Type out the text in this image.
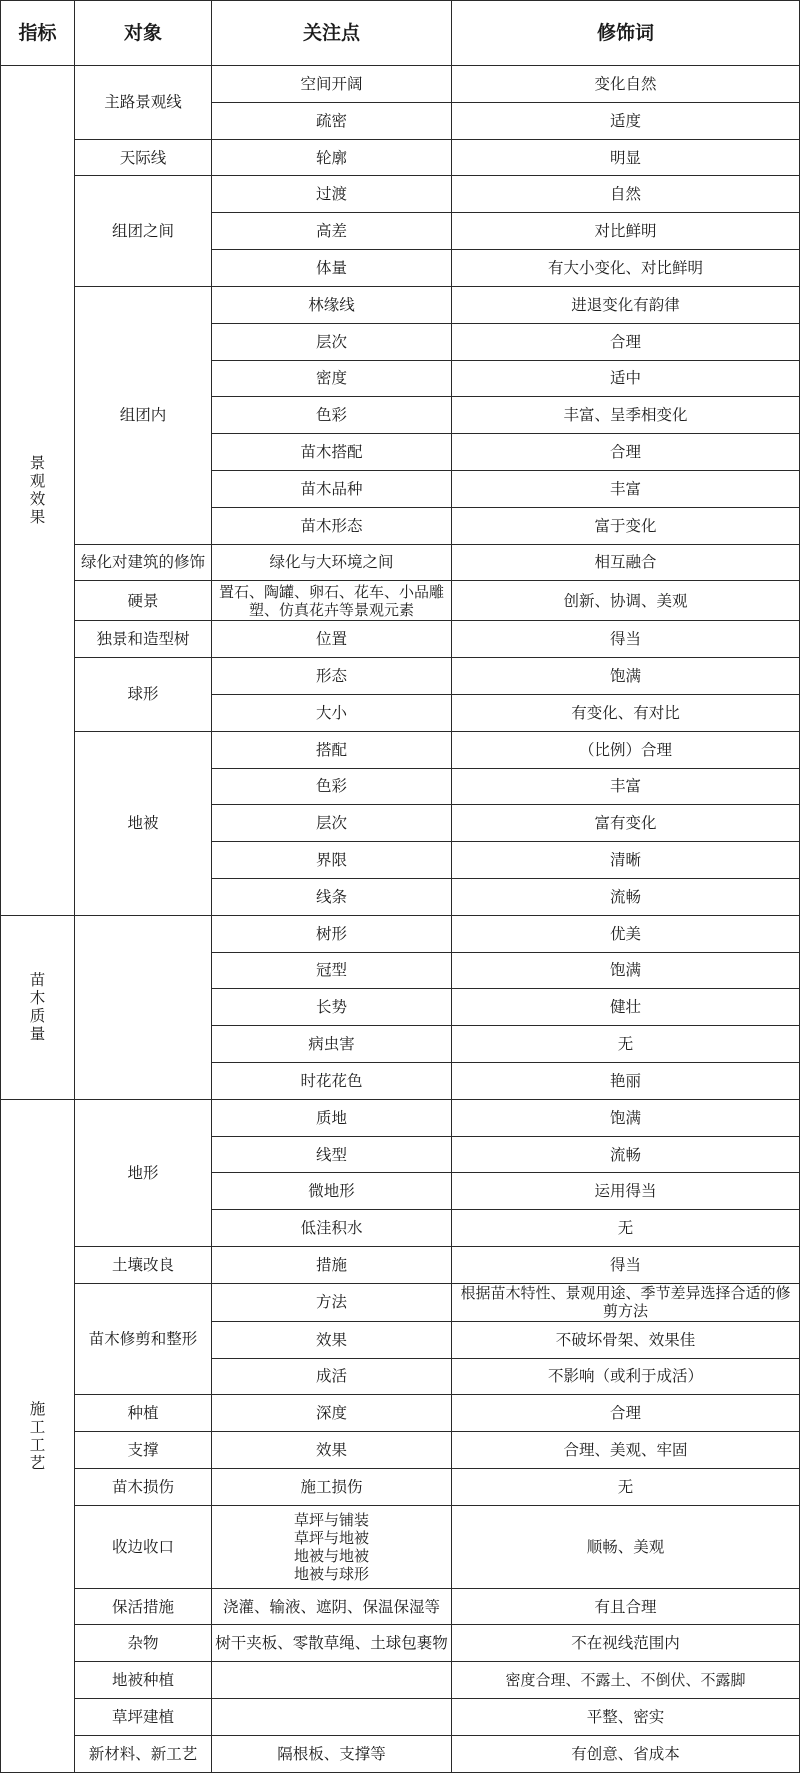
指标	对象	关注点	修饰词

景
观
效
果	主路景观线	空间开阔	变化自然
		疏密	适度
	天际线	轮廓	明显
	组团之间	过渡	自然
		高差	对比鲜明
		体量	有大小变化、对比鲜明
	组团内	林缘线	进退变化有韵律
		层次	合理
		密度	适中
		色彩	丰富、呈季相变化
		苗木搭配	合理
		苗木品种	丰富
		苗木形态	富于变化
	绿化对建筑的修饰	绿化与大环境之间	相互融合
	硬景	置石、陶罐、卵石、花车、小品雕塑、仿真花卉等景观元素	创新、协调、美观
	独景和造型树	位置	得当
	球形	形态	饱满
		大小	有变化、有对比
	地被	搭配	（比例）合理
		色彩	丰富
		层次	富有变化
		界限	清晰
		线条	流畅

苗
木
质
量		树形	优美
		冠型	饱满
		长势	健壮
		病虫害	无
		时花花色	艳丽

施
工
工
艺	地形	质地	饱满
		线型	流畅
		微地形	运用得当
		低洼积水	无
	土壤改良	措施	得当
	苗木修剪和整形	方法	根据苗木特性、景观用途、季节差异选择合适的修剪方法
		效果	不破坏骨架、效果佳
		成活	不影响（或利于成活）
	种植	深度	合理
	支撑	效果	合理、美观、牢固
	苗木损伤	施工损伤	无
	收边收口	草坪与铺装
草坪与地被
地被与地被
地被与球形	顺畅、美观
	保活措施	浇灌、输液、遮阴、保温保湿等	有且合理
	杂物	树干夹板、零散草绳、土球包裹物	不在视线范围内
	地被种植		密度合理、不露土、不倒伏、不露脚
	草坪建植		平整、密实
	新材料、新工艺	隔根板、支撑等	有创意、省成本
